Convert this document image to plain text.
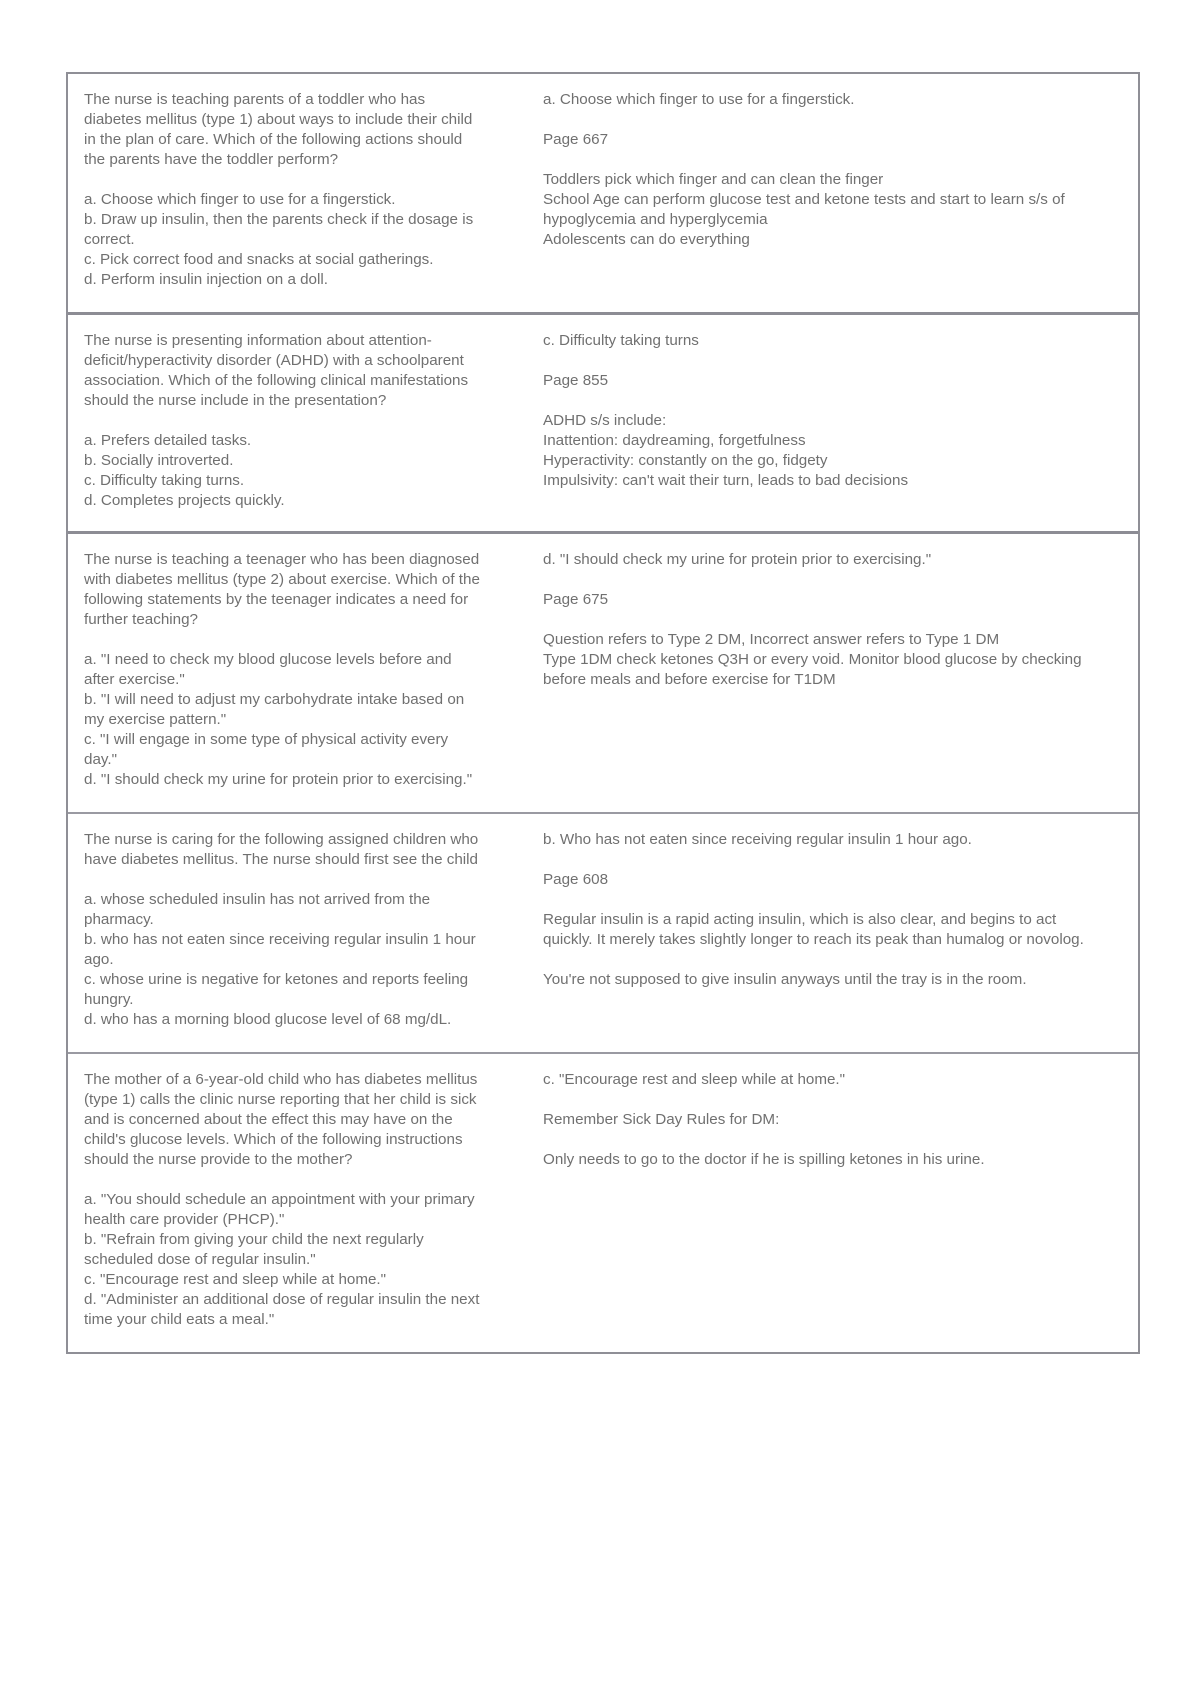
The nurse is teaching parents of a toddler who has
diabetes mellitus (type 1) about ways to include their child
in the plan of care. Which of the following actions should
the parents have the toddler perform?

a. Choose which finger to use for a fingerstick.
b. Draw up insulin, then the parents check if the dosage is
correct.
c. Pick correct food and snacks at social gatherings.
d. Perform insulin injection on a doll.

a. Choose which finger to use for a fingerstick.

Page 667

Toddlers pick which finger and can clean the finger
School Age can perform glucose test and ketone tests and start to learn s/s of
hypoglycemia and hyperglycemia
Adolescents can do everything

The nurse is presenting information about attention-
deficit/hyperactivity disorder (ADHD) with a schoolparent
association. Which of the following clinical manifestations
should the nurse include in the presentation?

a. Prefers detailed tasks.
b. Socially introverted.
c. Difficulty taking turns.
d. Completes projects quickly.

c. Difficulty taking turns

Page 855

ADHD s/s include:
Inattention: daydreaming, forgetfulness
Hyperactivity: constantly on the go, fidgety
Impulsivity: can't wait their turn, leads to bad decisions

The nurse is teaching a teenager who has been diagnosed
with diabetes mellitus (type 2) about exercise. Which of the
following statements by the teenager indicates a need for
further teaching?

a. "I need to check my blood glucose levels before and
after exercise."
b. "I will need to adjust my carbohydrate intake based on
my exercise pattern."
c. "I will engage in some type of physical activity every
day."
d. "I should check my urine for protein prior to exercising."

d. "I should check my urine for protein prior to exercising."

Page 675

Question refers to Type 2 DM, Incorrect answer refers to Type 1 DM
Type 1DM check ketones Q3H or every void. Monitor blood glucose by checking
before meals and before exercise for T1DM

The nurse is caring for the following assigned children who
have diabetes mellitus. The nurse should first see the child

a. whose scheduled insulin has not arrived from the
pharmacy.
b. who has not eaten since receiving regular insulin 1 hour
ago.
c. whose urine is negative for ketones and reports feeling
hungry.
d. who has a morning blood glucose level of 68 mg/dL.

b. Who has not eaten since receiving regular insulin 1 hour ago.

Page 608

Regular insulin is a rapid acting insulin, which is also clear, and begins to act
quickly. It merely takes slightly longer to reach its peak than humalog or novolog.

You're not supposed to give insulin anyways until the tray is in the room.

The mother of a 6-year-old child who has diabetes mellitus
(type 1) calls the clinic nurse reporting that her child is sick
and is concerned about the effect this may have on the
child's glucose levels. Which of the following instructions
should the nurse provide to the mother?

a. "You should schedule an appointment with your primary
health care provider (PHCP)."
b. "Refrain from giving your child the next regularly
scheduled dose of regular insulin."
c. "Encourage rest and sleep while at home."
d. "Administer an additional dose of regular insulin the next
time your child eats a meal."

c. "Encourage rest and sleep while at home."

Remember Sick Day Rules for DM:

Only needs to go to the doctor if he is spilling ketones in his urine.
